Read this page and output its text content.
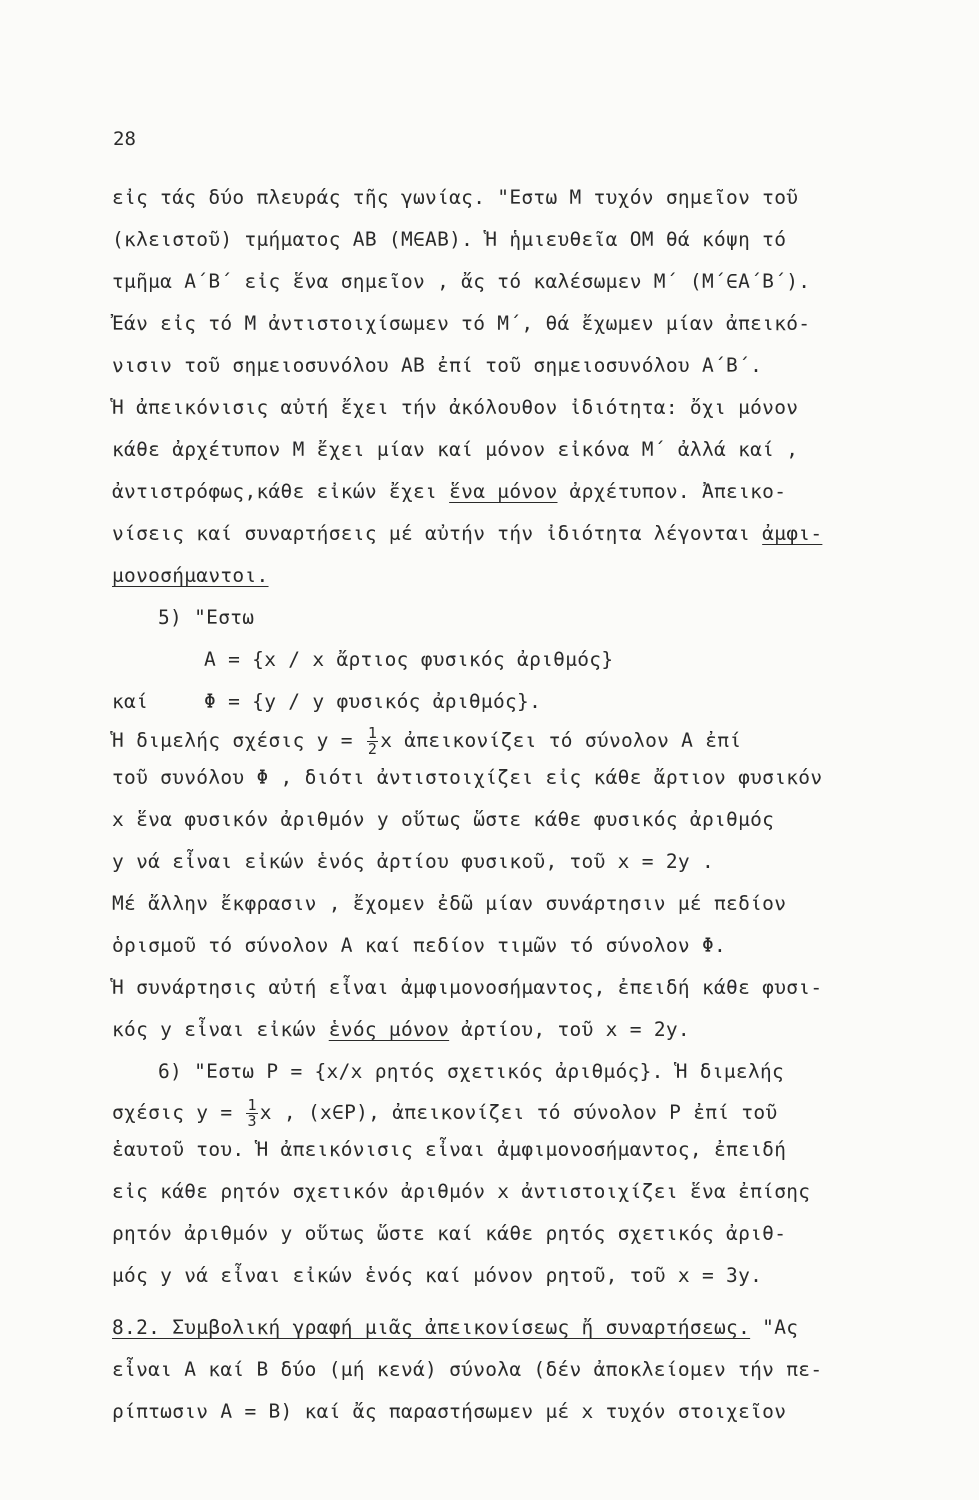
28
εἰς τάς δύο πλευράς τῆς γωνίας. "Εστω Μ τυχόν σημεῖον τοῦ
(κλειστοῦ) τμήματος ΑΒ (Μ∈ΑΒ). Ἡ ἡμιευθεῖα ΟΜ θά κόψη τό
τμῆμα Α΄Β΄ εἰς ἕνα σημεῖον , ἄς τό καλέσωμεν Μ΄ (Μ΄∈Α΄Β΄).
Ἐάν εἰς τό Μ ἀντιστοιχίσωμεν τό Μ΄, θά ἔχωμεν μίαν ἀπεικό-
νισιν τοῦ σημειοσυνόλου ΑΒ ἐπί τοῦ σημειοσυνόλου Α΄Β΄.
Ἡ ἀπεικόνισις αὐτή ἔχει τήν ἀκόλουθον ἰδιότητα: ὄχι μόνον
κάθε ἀρχέτυπον Μ ἔχει μίαν καί μόνον εἰκόνα Μ΄ ἀλλά καί ,
ἀντιστρόφως,κάθε εἰκών ἔχει ἕνα μόνον ἀρχέτυπον. Ἀπεικο-
νίσεις καί συναρτήσεις μέ αὐτήν τήν ἰδιότητα λέγονται ἀμφι-
μονοσήμαντοι.
5) "Εστω
Α = {x / x ἄρτιος φυσικός ἀριθμός}
καί	Φ = {y / y φυσικός ἀριθμός}.
Ἡ διμελής σχέσις $y = \frac{1}{2}$ x ἀπεικονίζει τό σύνολον Α ἐπί
τοῦ συνόλου Φ , διότι ἀντιστοιχίζει εἰς κάθε ἄρτιον φυσικόν
x ἕνα φυσικόν ἀριθμόν y οὕτως ὥστε κάθε φυσικός ἀριθμός
y νά εἶναι εἰκών ἑνός ἀρτίου φυσικοῦ, τοῦ x = 2y .
Μέ ἄλλην ἔκφρασιν , ἔχομεν ἐδῶ μίαν συνάρτησιν μέ πεδίον
ὁρισμοῦ τό σύνολον Α καί πεδίον τιμῶν τό σύνολον Φ.
Ἡ συνάρτησις αὐτή εἶναι ἀμφιμονοσήμαντος, ἐπειδή κάθε φυσι-
κός y εἶναι εἰκών ἑνός μόνον ἀρτίου, τοῦ x = 2y.
6) "Εστω Ρ = {x/x ρητός σχετικός ἀριθμός}. Ἡ διμελής
σχέσις $y = \frac{1}{3}$ x , (x∈Ρ), ἀπεικονίζει τό σύνολον Ρ ἐπί τοῦ
ἑαυτοῦ του. Ἡ ἀπεικόνισις εἶναι ἀμφιμονοσήμαντος, ἐπειδή
εἰς κάθε ρητόν σχετικόν ἀριθμόν x ἀντιστοιχίζει ἕνα ἐπίσης
ρητόν ἀριθμόν y οὕτως ὥστε καί κάθε ρητός σχετικός ἀριθ-
μός y νά εἶναι εἰκών ἑνός καί μόνον ρητοῦ, τοῦ x = 3y.
8.2. Συμβολική γραφή μιᾶς ἀπεικονίσεως ἤ συναρτήσεως. "Ας
εἶναι Α καί Β δύο (μή κενά) σύνολα (δέν ἀποκλείομεν τήν πε-
ρίπτωσιν Α = Β) καί ἄς παραστήσωμεν μέ x τυχόν στοιχεῖον
